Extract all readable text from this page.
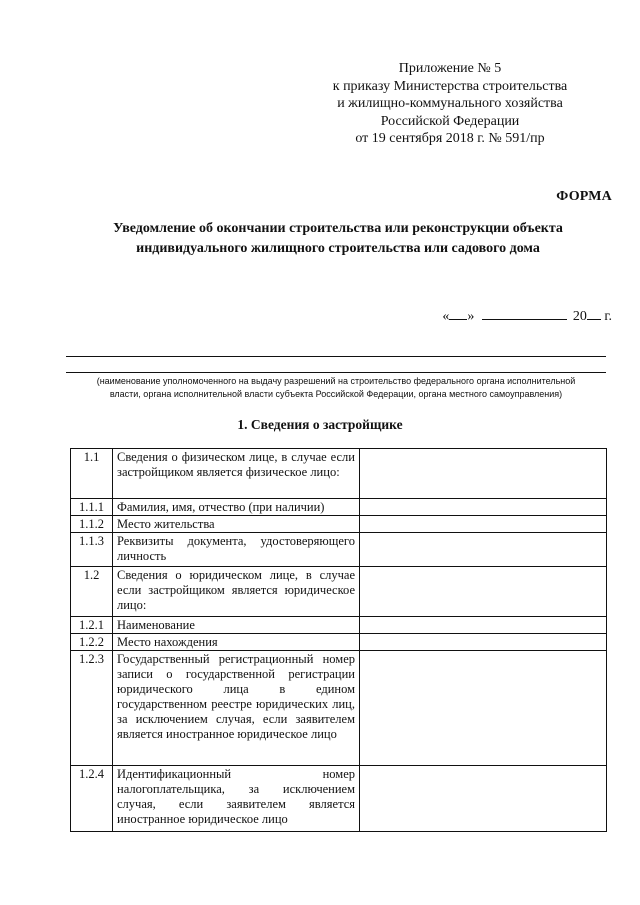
Приложение № 5
к приказу Министерства строительства
и жилищно-коммунального хозяйства
Российской Федерации
от 19 сентября 2018 г. № 591/пр
ФОРМА
Уведомление об окончании строительства или реконструкции объекта
индивидуального жилищного строительства или садового дома
« »	20 г.
(наименование уполномоченного на выдачу разрешений на строительство федерального органа исполнительной
власти, органа исполнительной власти субъекта Российской Федерации, органа местного самоуправления)
1. Сведения о застройщике
1.1	Сведения о физическом лице, в случае если застройщиком является физическое лицо:	
1.1.1	Фамилия, имя, отчество (при наличии)	
1.1.2	Место жительства	
1.1.3	Реквизиты документа, удостоверяющего личность	
1.2	Сведения о юридическом лице, в случае если застройщиком является юридическое лицо:	
1.2.1	Наименование	
1.2.2	Место нахождения	
1.2.3	Государственный регистрационный номер записи о государственной регистрации юридического лица в едином государственном реестре юридических лиц, за исключением случая, если заявителем является иностранное юридическое лицо	
1.2.4	Идентификационный номер налогоплательщика, за исключением случая, если заявителем является иностранное юридическое лицо	
